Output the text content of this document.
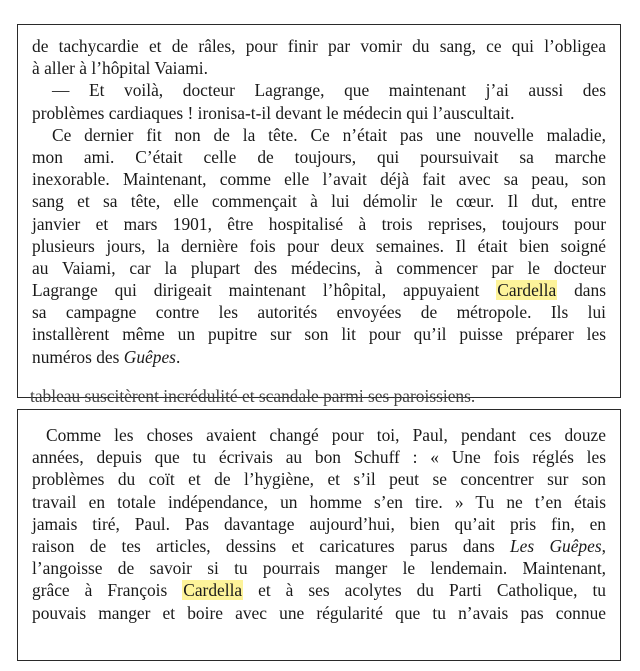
de tachycardie et de râles, pour finir par vomir du sang, ce qui l’obligea
à aller à l’hôpital Vaiami.
— Et voilà, docteur Lagrange, que maintenant j’ai aussi des
problèmes cardiaques ! ironisa-t-il devant le médecin qui l’auscultait.
Ce dernier fit non de la tête. Ce n’était pas une nouvelle maladie,
mon ami. C’était celle de toujours, qui poursuivait sa marche
inexorable. Maintenant, comme elle l’avait déjà fait avec sa peau, son
sang et sa tête, elle commençait à lui démolir le cœur. Il dut, entre
janvier et mars 1901, être hospitalisé à trois reprises, toujours pour
plusieurs jours, la dernière fois pour deux semaines. Il était bien soigné
au Vaiami, car la plupart des médecins, à commencer par le docteur
Lagrange qui dirigeait maintenant l’hôpital, appuyaient Cardella dans
sa campagne contre les autorités envoyées de métropole. Ils lui
installèrent même un pupitre sur son lit pour qu’il puisse préparer les
numéros des Guêpes.
tableau suscitèrent incrédulité et scandale parmi ses paroissiens.
Comme les choses avaient changé pour toi, Paul, pendant ces douze
années, depuis que tu écrivais au bon Schuff : « Une fois réglés les
problèmes du coït et de l’hygiène, et s’il peut se concentrer sur son
travail en totale indépendance, un homme s’en tire. » Tu ne t’en étais
jamais tiré, Paul. Pas davantage aujourd’hui, bien qu’ait pris fin, en
raison de tes articles, dessins et caricatures parus dans Les Guêpes,
l’angoisse de savoir si tu pourrais manger le lendemain. Maintenant,
grâce à François Cardella et à ses acolytes du Parti Catholique, tu
pouvais manger et boire avec une régularité que tu n’avais pas connue
